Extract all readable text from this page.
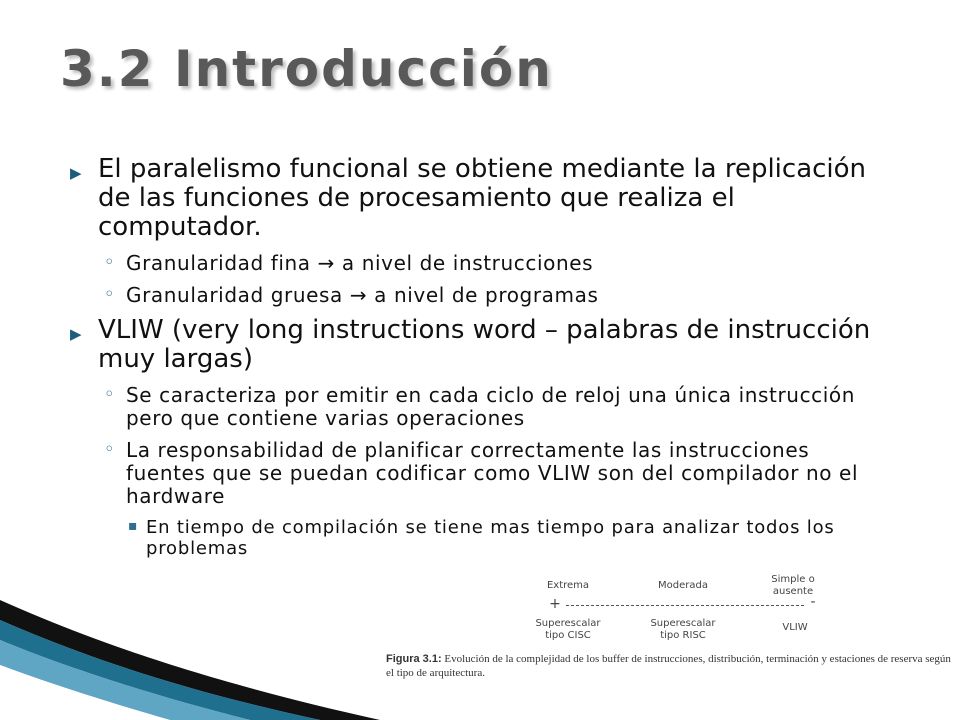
3.2 Introducción
▶ El paralelismo funcional se obtiene mediante la replicación de las funciones de procesamiento que realiza el computador.
◦ Granularidad fina → a nivel de instrucciones
◦ Granularidad gruesa → a nivel de programas
▶ VLIW (very long instructions word – palabras de instrucción muy largas)
◦ Se caracteriza por emitir en cada ciclo de reloj una única instrucción pero que contiene varias operaciones
◦ La responsabilidad de planificar correctamente las instrucciones fuentes que se puedan codificar como VLIW son del compilador no el hardware
▪ En tiempo de compilación se tiene mas tiempo para analizar todos los problemas
Extrema	Moderada
Simple o ausente
+	-
Superescalar tipo CISC
Superescalar tipo RISC
VLIW
Figura 3.1: Evolución de la complejidad de los buffer de instrucciones, distribución, terminación y estaciones de reserva según el tipo de arquitectura.
